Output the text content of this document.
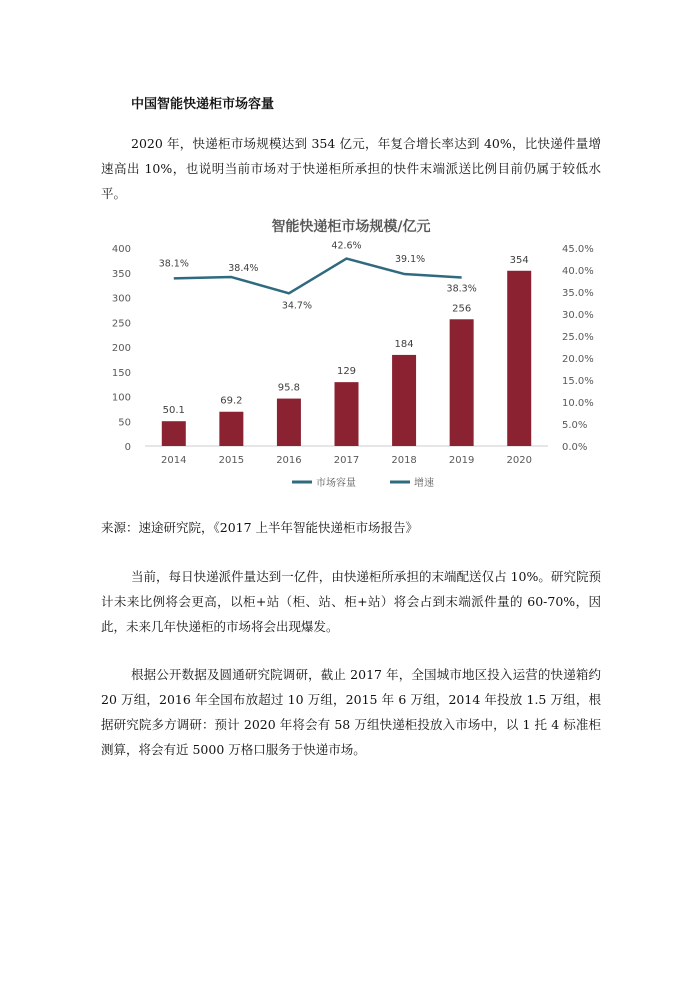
中国智能快递柜市场容量

2020 年，快递柜市场规模达到 354 亿元，年复合增长率达到 40%，比快递件量增速高出 10%，也说明当前市场对于快递柜所承担的快件末端派送比例目前仍属于较低水平。

智能快递柜市场规模/亿元
0
50
100
150
200
250
300
350
400
0.0%
5.0%
10.0%
15.0%
20.0%
25.0%
30.0%
35.0%
40.0%
45.0%
50.1
69.2
95.8
129
184
256
354
38.1%	38.4%
34.7%
42.6%
39.1%
38.3%
2014	2015	2016	2017	2018	2019	2020
市场容量	增速
来源：速途研究院，《2017 上半年智能快递柜市场报告》

当前，每日快递派件量达到一亿件，由快递柜所承担的末端配送仅占 10%。研究院预计未来比例将会更高，以柜+站（柜、站、柜+站）将会占到末端派件量的 60-70%，因此，未来几年快递柜的市场将会出现爆发。

根据公开数据及圆通研究院调研，截止 2017 年，全国城市地区投入运营的快递箱约 20 万组，2016 年全国布放超过 10 万组，2015 年 6 万组，2014 年投放 1.5 万组，根据研究院多方调研：预计 2020 年将会有 58 万组快递柜投放入市场中，以 1 托 4 标准柜测算，将会有近 5000 万格口服务于快递市场。
